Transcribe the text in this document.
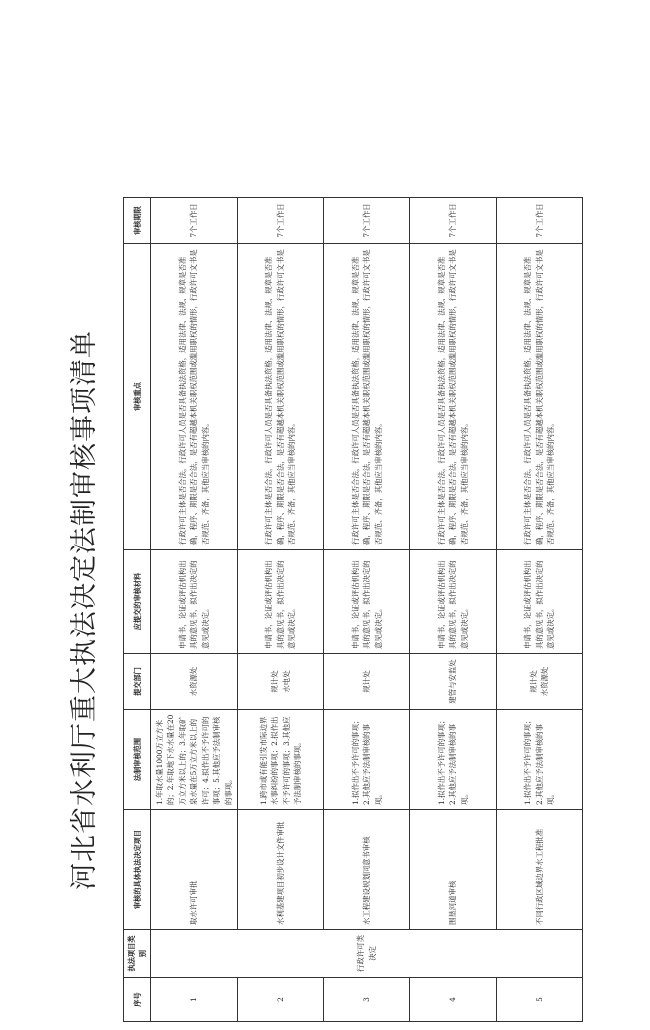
河北省水利厅重大执法决定法制审核事项清单
序号	执法项目类别	审核的具体执法决定项目	法制审核范围	提交部门	应提交的审核材料	审核重点	审核期限
1	行政许可类决定	取水许可审批	1.年取水量1000万立方米的；2.年取地下水水量在20万立方米以上的；3.年取矿泉水量在5万立方米以上的许可；4.拟作出不予许可的事项；5.其他应予法制审核的事项。	水资源处	申请书，论证或评估机构出具的意见书，拟作出决定的意见或决定。	行政许可主体是否合法，行政许可人员是否具备执法资格，适用法律、法规、规章是否准确，程序、期限是否合法，是否有超越本机关职权范围或滥用职权的情形，行政许可文书是否规范、齐备，其他应当审核的内容。	7个工作日
2		水利基建项目初步设计文件审批	1.跨市或有能引发市际边界水事纠纷的事项；2.拟作出不予许可的事项；3.其他应予法制审核的事项。	规计处 水电处	申请书，论证或评估机构出具的意见书，拟作出决定的意见或决定。	行政许可主体是否合法，行政许可人员是否具备执法资格，适用法律、法规、规章是否准确，程序、期限是否合法，是否有超越本机关职权范围或滥用职权的情形，行政许可文书是否规范、齐备，其他应当审核的内容。	7个工作日
3		水工程建设规划同意书审核	1.拟作出不予许可的事项；2.其他应予法制审核的事项。	规计处	申请书，论证或评估机构出具的意见书，拟作出决定的意见或决定。	行政许可主体是否合法，行政许可人员是否具备执法资格，适用法律、法规、规章是否准确，程序、期限是否合法，是否有超越本机关职权范围或滥用职权的情形，行政许可文书是否规范、齐备，其他应当审核的内容。	7个工作日
4		围垦河道审核	1.拟作出不予许可的事项；2.其他应予法制审核的事项。	建管与安监处	申请书，论证或评估机构出具的意见书，拟作出决定的意见或决定。	行政许可主体是否合法，行政许可人员是否具备执法资格，适用法律、法规、规章是否准确，程序、期限是否合法，是否有超越本机关职权范围或滥用职权的情形，行政许可文书是否规范、齐备，其他应当审核的内容。	7个工作日
5		不同行政区域边界水工程批准	1.拟作出不予许可的事项；2.其他应予法制审核的事项。	规计处 水资源处	申请书，论证或评估机构出具的意见书，拟作出决定的意见或决定。	行政许可主体是否合法，行政许可人员是否具备执法资格，适用法律、法规、规章是否准确，程序、期限是否合法，是否有超越本机关职权范围或滥用职权的情形，行政许可文书是否规范、齐备，其他应当审核的内容。	7个工作日
